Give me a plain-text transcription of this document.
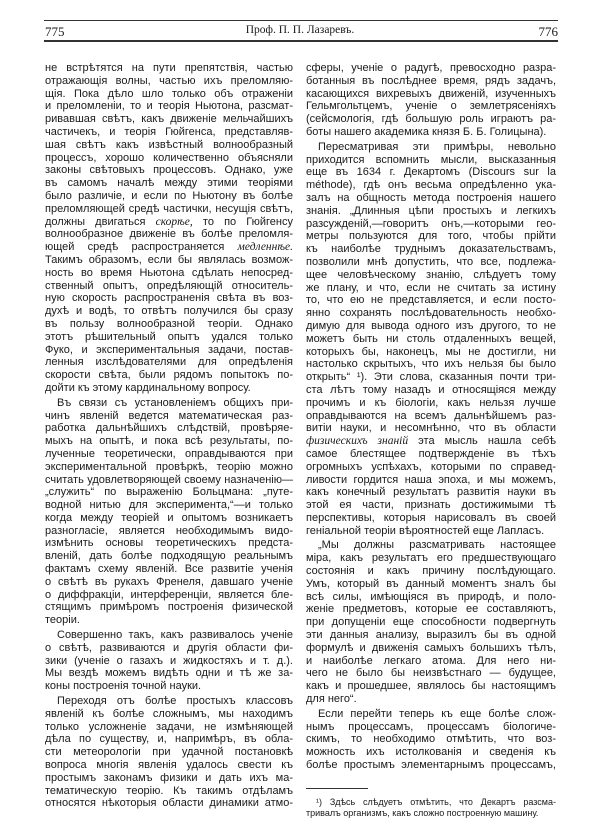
775	Проф. П. П. Лазаревъ.	776
не встрѣтятся на пути препятствія, частью
отражающія волны, частью ихъ преломляю-
щія. Пока дѣло шло только объ отраженіи
и преломленіи, то и теорія Ньютона, разсмат-
ривавшая свѣтъ, какъ движеніе мельчайшихъ
частичекъ, и теорія Гюйгенса, представляв-
шая свѣтъ какъ извѣстный волнообразный
процессъ, хорошо количественно объясняли
законы свѣтовыхъ процессовъ. Однако, уже
въ самомъ началѣ между этими теоріями
было различіе, и если по Ньютону въ болѣе
преломляющей средѣ частички, несущія свѣтъ,
должны двигаться скорѣе, то по Гюйгенсу
волнообразное движеніе въ болѣе преломля-
ющей средѣ распространяется медленнѣе.
Такимъ образомъ, если бы являлась возмож-
ность во время Ньютона сдѣлать непосред-
ственный опытъ, опредѣляющій относитель-
ную скорость распространенія свѣта въ воз-
духѣ и водѣ, то отвѣтъ получился бы сразу
въ пользу волнообразной теоріи. Однако
этотъ рѣшительный опытъ удался только
Фуко, и экспериментальныя задачи, постав-
ленныя изслѣдователями для опредѣленія
скорости свѣта, были рядомъ попытокъ по-
дойти къ этому кардинальному вопросу.
Въ связи съ установленіемъ общихъ при-
чинъ явленій ведется математическая раз-
работка дальнѣйшихъ слѣдствій, провѣряе-
мыхъ на опытѣ, и пока всѣ результаты, по-
лученные теоретически, оправдываются при
экспериментальной провѣркѣ, теорію можно
считать удовлетворяющей своему назначенію—
„служить“ по выраженію Больцмана: „путе-
водной нитью для эксперимента,“—и только
когда между теоріей и опытомъ возникаетъ
разногласіе, является необходимымъ видо-
измѣнить основы теоретическихъ предста-
вленій, дать болѣе подходящую реальнымъ
фактамъ схему явленій. Все развитіе ученія
о свѣтѣ въ рукахъ Френеля, давшаго ученіе
о диффракціи, интерференціи, является бле-
стящимъ примѣромъ построенія физической
теоріи.
Совершенно такъ, какъ развивалось ученіе
о свѣтѣ, развиваются и другія области фи-
зики (ученіе о газахъ и жидкостяхъ и т. д.).
Мы вездѣ можемъ видѣть одни и тѣ же за-
коны построенія точной науки.
Переходя отъ болѣе простыхъ классовъ
явленій къ болѣе сложнымъ, мы находимъ
только усложненіе задачи, не измѣняющей
дѣла по существу, и, напримѣръ, въ обла-
сти метеорологіи при удачной постановкѣ
вопроса многія явленія удалось свести къ
простымъ законамъ физики и дать ихъ ма-
тематическую теорію. Къ такимъ отдѣламъ
относятся нѣкоторыя области динамики атмо-
сферы, ученіе о радугѣ, превосходно разра-
ботанныя въ послѣднее время, рядъ задачъ,
касающихся вихревыхъ движеній, изученныхъ
Гельмгольтцемъ, ученіе о землетрясеніяхъ
(сейсмологія, гдѣ большую роль играютъ ра-
боты нашего академика князя Б. Б. Голицына).
Пересматривая эти примѣры, невольно
приходится вспомнить мысли, высказанныя
еще въ 1634 г. Декартомъ (Discours sur la
méthode), гдѣ онъ весьма опредѣленно ука-
залъ на общность метода построенія нашего
знанія. „Длинныя цѣпи простыхъ и легкихъ
разсужденій,—говоритъ онъ,—которыми гео-
метры пользуются для того, чтобы прійти
къ наиболѣе труднымъ доказательствамъ,
позволили мнѣ допустить, что все, подлежа-
щее человѣческому знанію, слѣдуетъ тому
же плану, и что, если не считать за истину
то, что ею не представляется, и если посто-
янно сохранять послѣдовательность необхо-
димую для вывода одного изъ другого, то не
можетъ быть ни столь отдаленныхъ вещей,
которыхъ бы, наконецъ, мы не достигли, ни
настолько скрытыхъ, что ихъ нельзя бы было
открыть“ ¹). Эти слова, сказанныя почти три-
ста лѣтъ тому назадъ и относящіяся между
прочимъ и къ біологіи, какъ нельзя лучше
оправдываются на всемъ дальнѣйшемъ раз-
витіи науки, и несомнѣнно, что въ области
физическихъ знаній эта мысль нашла себѣ
самое блестящее подтвержденіе въ тѣхъ
огромныхъ успѣхахъ, которыми по справед-
ливости гордится наша эпоха, и мы можемъ,
какъ конечный результатъ развитія науки въ
этой ея части, признать достижимыми тѣ
перспективы, которыя нарисовалъ въ своей
геніальной теоріи вѣроятностей еще Лапласъ.
„Мы должны разсматривать настоящее
міра, какъ результатъ его предшествующаго
состоянія и какъ причину послѣдующаго.
Умъ, который въ данный моментъ зналъ бы
всѣ силы, имѣющіяся въ природѣ, и поло-
женіе предметовъ, которые ее составляютъ,
при допущеніи еще способности подвергнуть
эти данныя анализу, выразилъ бы въ одной
формулѣ и движенія самыхъ большихъ тѣлъ,
и наиболѣе легкаго атома. Для него ни-
чего не было бы неизвѣстнаго — будущее,
какъ и прошедшее, являлось бы настоящимъ
для него“.
Если перейти теперь къ еще болѣе слож-
нымъ процессамъ, процессамъ біологиче-
скимъ, то необходимо отмѣтить, что воз-
можность ихъ истолкованія и сведенія къ
болѣе простымъ элементарнымъ процессамъ,
¹) Здѣсь слѣдуетъ отмѣтить, что Декартъ разсма-
тривалъ организмъ, какъ сложно построенную машину.
